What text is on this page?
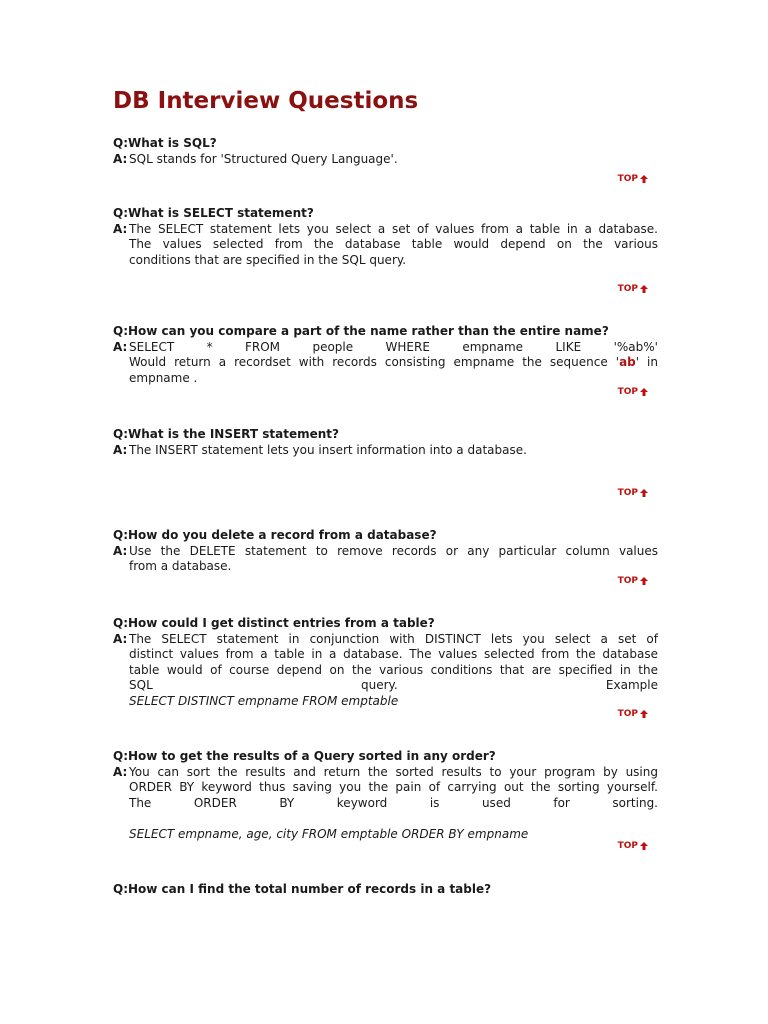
DB Interview Questions
Q:What is SQL?
A: SQL stands for 'Structured Query Language'.
TOP
Q:What is SELECT statement?
A: The SELECT statement lets you select a set of values from a table in a database.
The values selected from the database table would depend on the various
conditions that are specified in the SQL query.
TOP
Q:How can you compare a part of the name rather than the entire name?
A: SELECT	*	FROM	people	WHERE	empname	LIKE	'%ab%'
Would return a recordset with records consisting empname the sequence 'ab' in
empname .
TOP
Q:What is the INSERT statement?
A: The INSERT statement lets you insert information into a database.
TOP
Q:How do you delete a record from a database?
A: Use the DELETE statement to remove records or any particular column values
from a database.
TOP
Q:How could I get distinct entries from a table?
A: The SELECT statement in conjunction with DISTINCT lets you select a set of
distinct values from a table in a database. The values selected from the database
table would of course depend on the various conditions that are specified in the
SQL query. Example
SELECT DISTINCT empname FROM emptable
TOP
Q:How to get the results of a Query sorted in any order?
A: You can sort the results and return the sorted results to your program by using
ORDER BY keyword thus saving you the pain of carrying out the sorting yourself.
The ORDER BY keyword is used for sorting.

SELECT empname, age, city FROM emptable ORDER BY empname
TOP
Q:How can I find the total number of records in a table?
